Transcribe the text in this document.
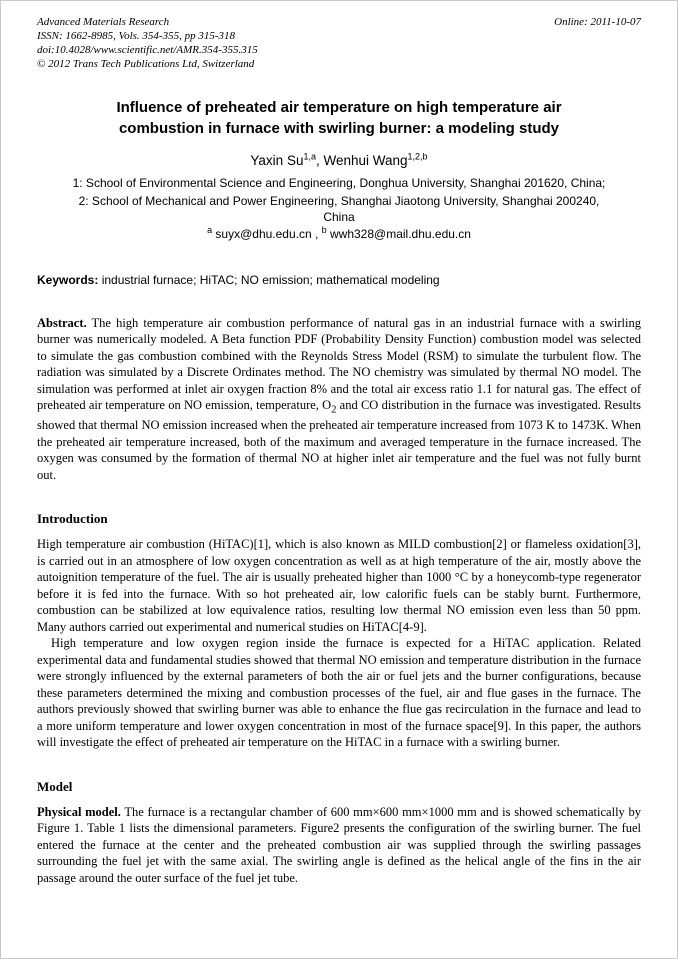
Advanced Materials Research	Online: 2011-10-07
ISSN: 1662-8985, Vols. 354-355, pp 315-318
doi:10.4028/www.scientific.net/AMR.354-355.315
© 2012 Trans Tech Publications Ltd, Switzerland
Influence of preheated air temperature on high temperature air combustion in furnace with swirling burner: a modeling study
Yaxin Su$^{1,a}$, Wenhui Wang$^{1,2,b}$
1: School of Environmental Science and Engineering, Donghua University, Shanghai 201620, China;
2: School of Mechanical and Power Engineering, Shanghai Jiaotong University, Shanghai 200240, China
$^a$ suyx@dhu.edu.cn , $^b$ wwh328@mail.dhu.edu.cn
Keywords: industrial furnace; HiTAC; NO emission; mathematical modeling

Abstract. The high temperature air combustion performance of natural gas in an industrial furnace with a swirling burner was numerically modeled. A Beta function PDF (Probability Density Function) combustion model was selected to simulate the gas combustion combined with the Reynolds Stress Model (RSM) to simulate the turbulent flow. The radiation was simulated by a Discrete Ordinates method. The NO chemistry was simulated by thermal NO model. The simulation was performed at inlet air oxygen fraction 8% and the total air excess ratio 1.1 for natural gas. The effect of preheated air temperature on NO emission, temperature, $O_2$ and CO distribution in the furnace was investigated. Results showed that thermal NO emission increased when the preheated air temperature increased from 1073 K to 1473K. When the preheated air temperature increased, both of the maximum and averaged temperature in the furnace increased. The oxygen was consumed by the formation of thermal NO at higher inlet air temperature and the fuel was not fully burnt out.

Introduction

High temperature air combustion (HiTAC)[1], which is also known as MILD combustion[2] or flameless oxidation[3], is carried out in an atmosphere of low oxygen concentration as well as at high temperature of the air, mostly above the autoignition temperature of the fuel. The air is usually preheated higher than 1000 °C by a honeycomb-type regenerator before it is fed into the furnace. With so hot preheated air, low calorific fuels can be stably burnt. Furthermore, combustion can be stabilized at low equivalence ratios, resulting low thermal NO emission even less than 50 ppm. Many authors carried out experimental and numerical studies on HiTAC[4-9].

High temperature and low oxygen region inside the furnace is expected for a HiTAC application. Related experimental data and fundamental studies showed that thermal NO emission and temperature distribution in the furnace were strongly influenced by the external parameters of both the air or fuel jets and the burner configurations, because these parameters determined the mixing and combustion processes of the fuel, air and flue gases in the furnace. The authors previously showed that swirling burner was able to enhance the flue gas recirculation in the furnace and lead to a more uniform temperature and lower oxygen concentration in most of the furnace space[9]. In this paper, the authors will investigate the effect of preheated air temperature on the HiTAC in a furnace with a swirling burner.

Model

Physical model. The furnace is a rectangular chamber of 600 mm×600 mm×1000 mm and is showed schematically by Figure 1. Table 1 lists the dimensional parameters. Figure2 presents the configuration of the swirling burner. The fuel entered the furnace at the center and the preheated combustion air was supplied through the swirling passages surrounding the fuel jet with the same axial. The swirling angle is defined as the helical angle of the fins in the air passage around the outer surface of the fuel jet tube.
